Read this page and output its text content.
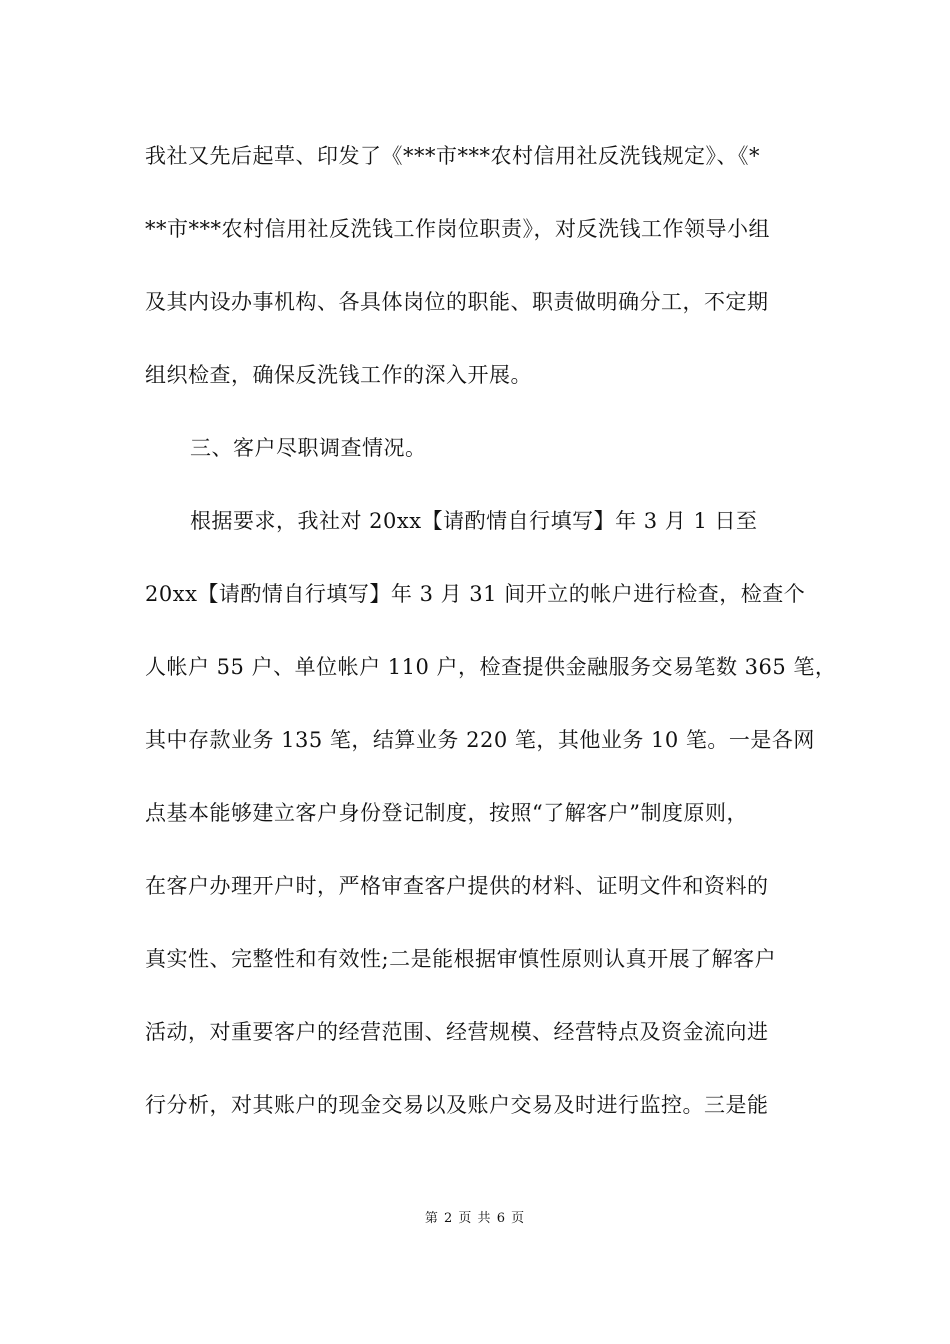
我社又先后起草、印发了《***市***农村信用社反洗钱规定》、《*
**市***农村信用社反洗钱工作岗位职责》，对反洗钱工作领导小组
及其内设办事机构、各具体岗位的职能、职责做明确分工，不定期
组织检查，确保反洗钱工作的深入开展。
三、客户尽职调查情况。
根据要求，我社对 20xx【请酌情自行填写】年 3 月 1 日至
20xx【请酌情自行填写】年 3 月 31 间开立的帐户进行检查，检查个
人帐户 55 户、单位帐户 110 户，检查提供金融服务交易笔数 365 笔，
其中存款业务 135 笔，结算业务 220 笔，其他业务 10 笔。一是各网
点基本能够建立客户身份登记制度，按照“了解客户”制度原则，
在客户办理开户时，严格审查客户提供的材料、证明文件和资料的
真实性、完整性和有效性;二是能根据审慎性原则认真开展了解客户
活动，对重要客户的经营范围、经营规模、经营特点及资金流向进
行分析，对其账户的现金交易以及账户交易及时进行监控。三是能
第 2 页 共 6 页
